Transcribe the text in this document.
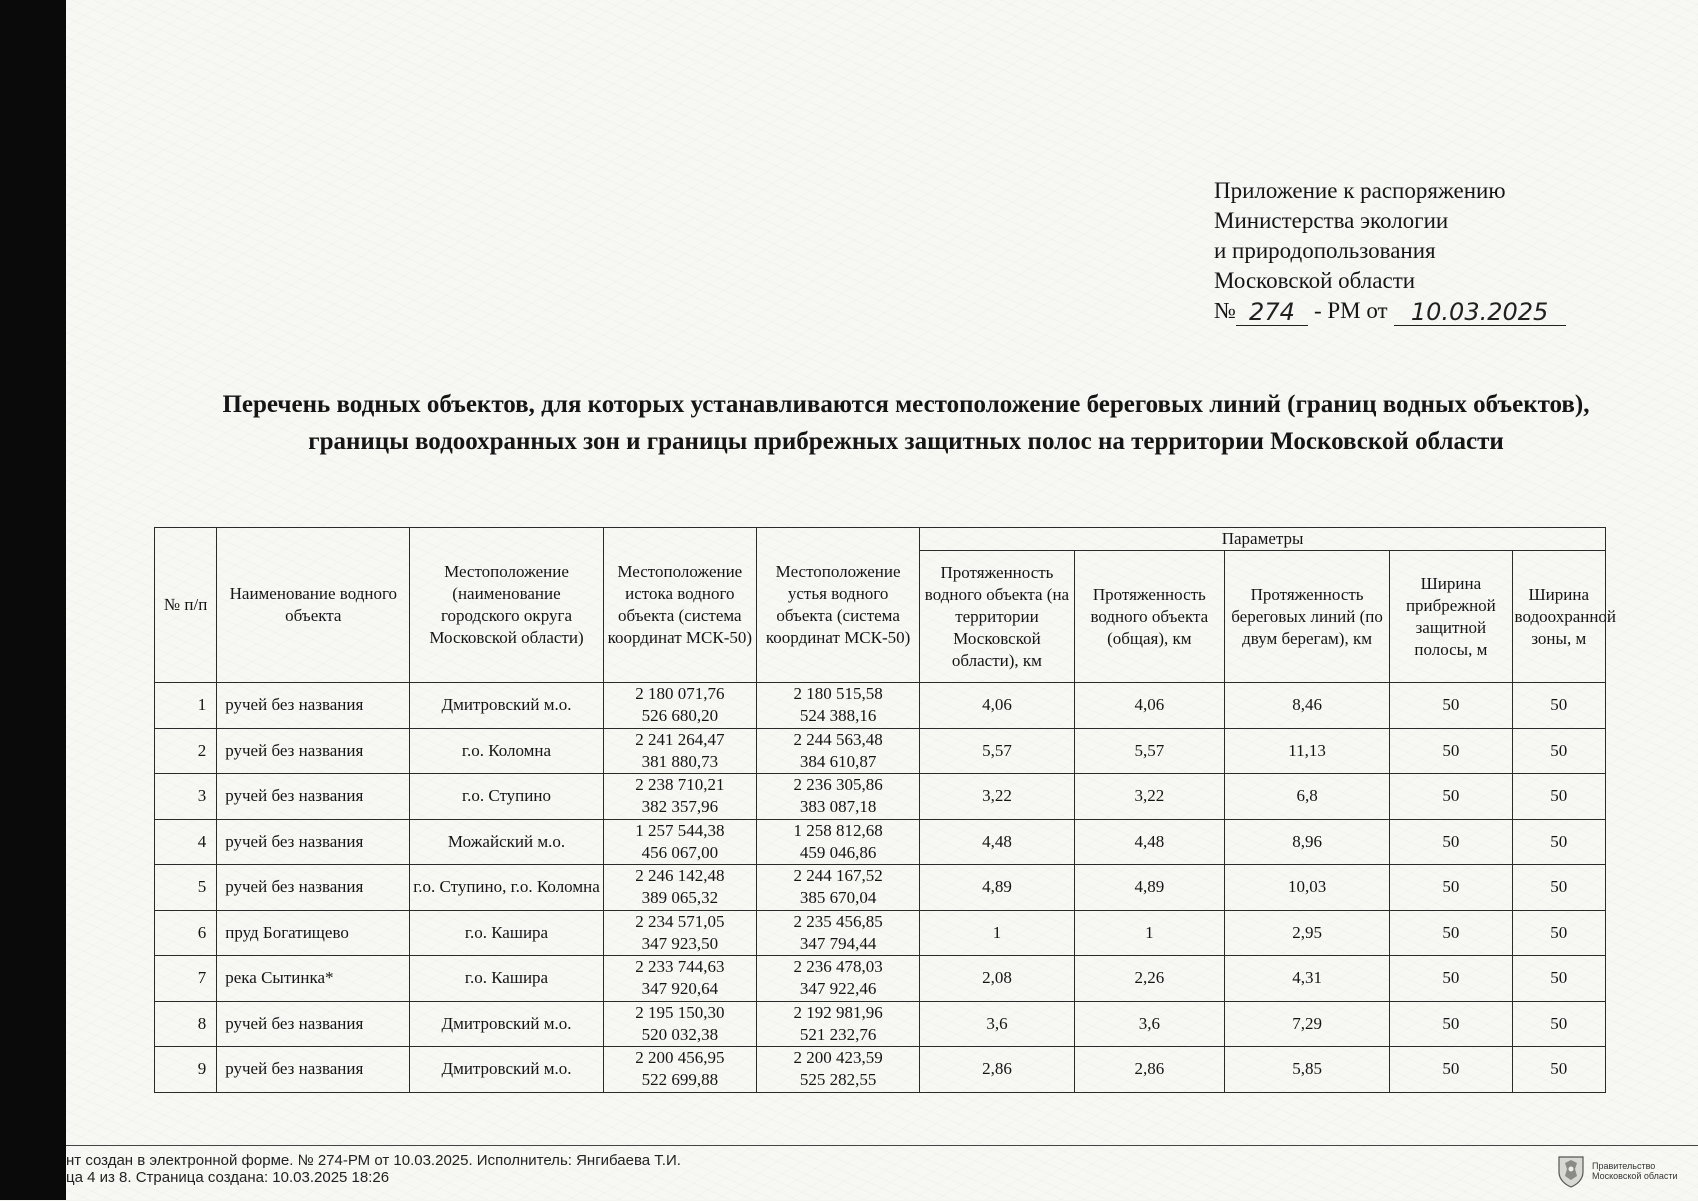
Приложение к распоряжению
Министерства экологии
и природопользования
Московской области
№ 274 - РМ от 10.03.2025
Перечень водных объектов, для которых устанавливаются местоположение береговых линий (границ водных объектов), границы водоохранных зон и границы прибрежных защитных полос на территории Московской области
№ п/п	Наименование водного объекта	Местоположение (наименование городского округа Московской области)	Местоположение истока водного объекта (система координат МСК-50)	Местоположение устья водного объекта (система координат МСК-50)	Параметры				
					Протяженность водного объекта (на территории Московской области), км	Протяженность водного объекта (общая), км	Протяженность береговых линий (по двум берегам), км	Ширина прибрежной защитной полосы, м	Ширина водоохранной зоны, м
1	ручей без названия	Дмитровский м.о.	2 180 071,76
526 680,20	2 180 515,58
524 388,16	4,06	4,06	8,46	50	50
2	ручей без названия	г.о. Коломна	2 241 264,47
381 880,73	2 244 563,48
384 610,87	5,57	5,57	11,13	50	50
3	ручей без названия	г.о. Ступино	2 238 710,21
382 357,96	2 236 305,86
383 087,18	3,22	3,22	6,8	50	50
4	ручей без названия	Можайский м.о.	1 257 544,38
456 067,00	1 258 812,68
459 046,86	4,48	4,48	8,96	50	50
5	ручей без названия	г.о. Ступино, г.о. Коломна	2 246 142,48
389 065,32	2 244 167,52
385 670,04	4,89	4,89	10,03	50	50
6	пруд Богатищево	г.о. Кашира	2 234 571,05
347 923,50	2 235 456,85
347 794,44	1	1	2,95	50	50
7	река Сытинка*	г.о. Кашира	2 233 744,63
347 920,64	2 236 478,03
347 922,46	2,08	2,26	4,31	50	50
8	ручей без названия	Дмитровский м.о.	2 195 150,30
520 032,38	2 192 981,96
521 232,76	3,6	3,6	7,29	50	50
9	ручей без названия	Дмитровский м.о.	2 200 456,95
522 699,88	2 200 423,59
525 282,55	2,86	2,86	5,85	50	50
нт создан в электронной форме. № 274-РМ от 10.03.2025. Исполнитель: Янгибаева Т.И.
ца 4 из 8. Страница создана: 10.03.2025 18:26
Правительство
Московской области
